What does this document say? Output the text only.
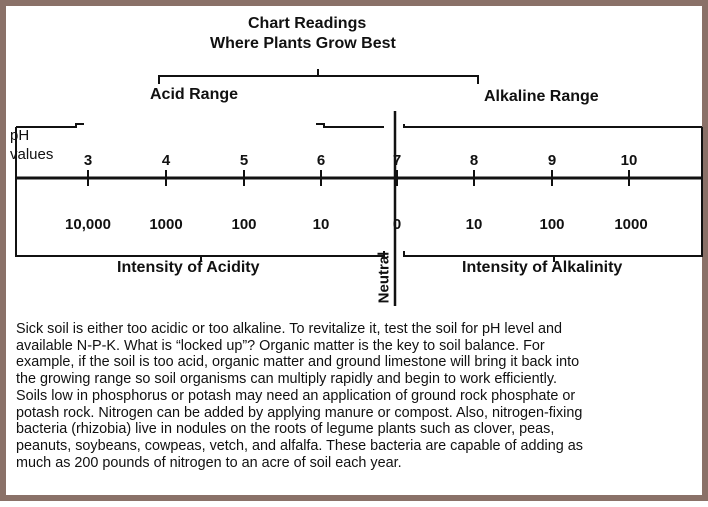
Chart Readings
Where Plants Grow Best
Acid Range	Alkaline Range
pH
values
Neutral
Intensity of Acidity	Intensity of Alkalinity
Sick soil is either too acidic or too alkaline. To revitalize it, test the soil for pH level and
available N-P-K. What is “locked up”? Organic matter is the key to soil balance. For
example, if the soil is too acid, organic matter and ground limestone will bring it back into
the growing range so soil organisms can multiply rapidly and begin to work efficiently.
Soils low in phosphorus or potash may need an application of ground rock phosphate or
potash rock. Nitrogen can be added by applying manure or compost. Also, nitrogen-fixing
bacteria (rhizobia) live in nodules on the roots of legume plants such as clover, peas,
peanuts, soybeans, cowpeas, vetch, and alfalfa. These bacteria are capable of adding as
much as 200 pounds of nitrogen to an acre of soil each year.
3
10,000
4
1000
5
100
6
10
7
0
8
10
9
100
10
1000
